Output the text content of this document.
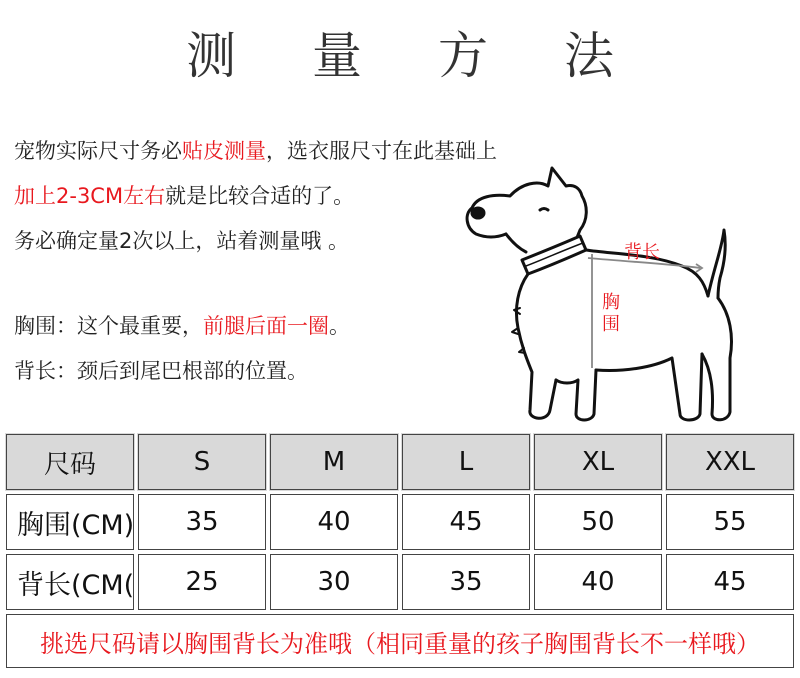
测 量 方 法
宠物实际尺寸务必贴皮测量，选衣服尺寸在此基础上
加上2-3CM左右就是比较合适的了。
务必确定量2次以上，站着测量哦 。
胸围：这个最重要，前腿后面一圈。
背长：颈后到尾巴根部的位置。
背长
胸
围
尺码	S	M	L	XL	XXL
胸围(CM)	35	40	45	50	55
背长(CM(	25	30	35	40	45
挑选尺码请以胸围背长为准哦（相同重量的孩子胸围背长不一样哦）					
